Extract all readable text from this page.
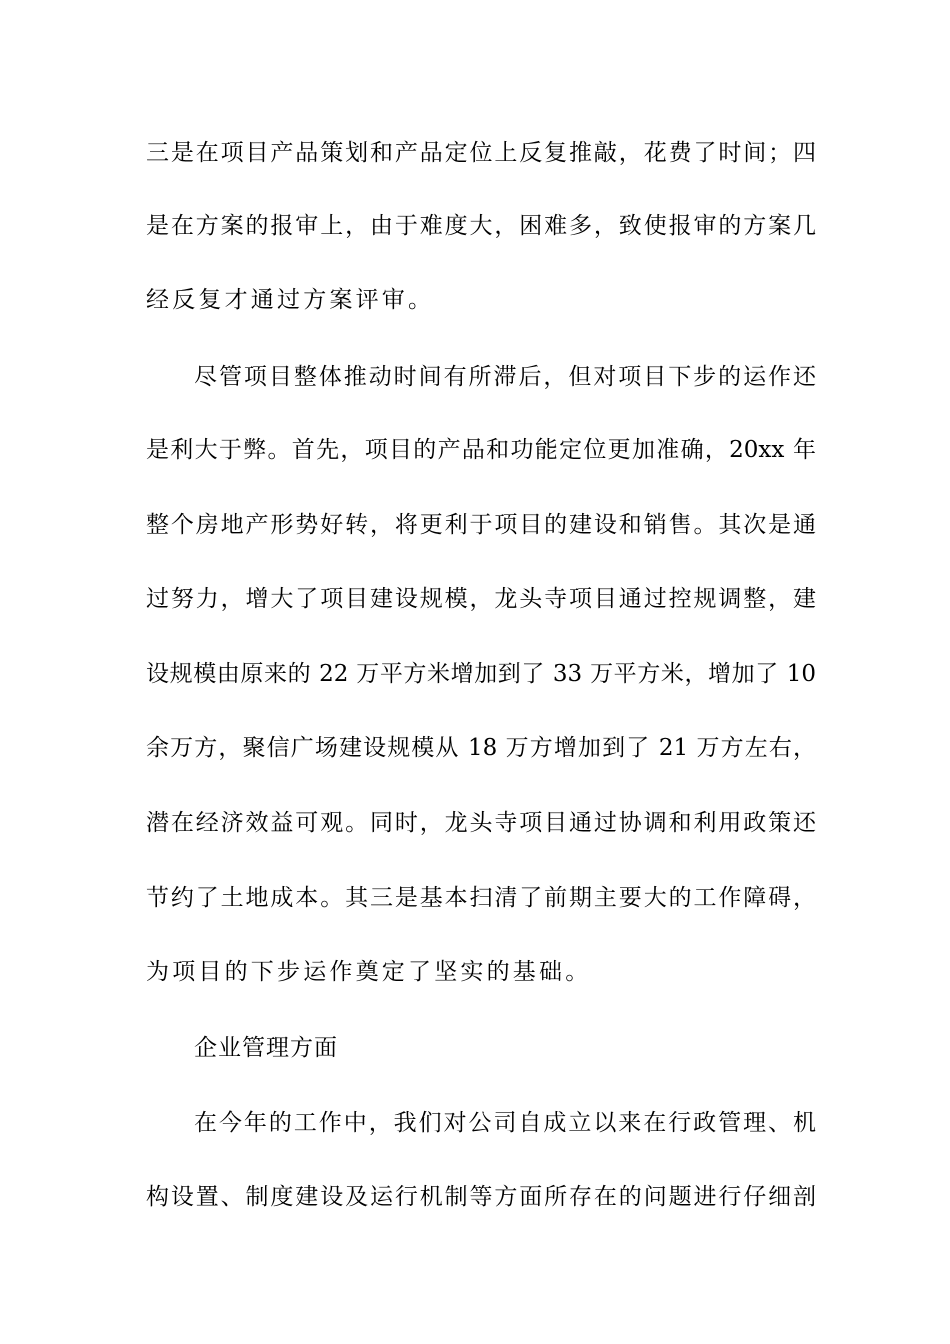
三是在项目产品策划和产品定位上反复推敲，花费了时间；四
是在方案的报审上，由于难度大，困难多，致使报审的方案几
经反复才通过方案评审。
尽管项目整体推动时间有所滞后，但对项目下步的运作还
是利大于弊。首先，项目的产品和功能定位更加准确，20xx 年
整个房地产形势好转，将更利于项目的建设和销售。其次是通
过努力，增大了项目建设规模，龙头寺项目通过控规调整，建
设规模由原来的 22 万平方米增加到了 33 万平方米，增加了 10
余万方，聚信广场建设规模从 18 万方增加到了 21 万方左右，
潜在经济效益可观。同时，龙头寺项目通过协调和利用政策还
节约了土地成本。其三是基本扫清了前期主要大的工作障碍，
为项目的下步运作奠定了坚实的基础。
企业管理方面
在今年的工作中，我们对公司自成立以来在行政管理、机
构设置、制度建设及运行机制等方面所存在的问题进行仔细剖
